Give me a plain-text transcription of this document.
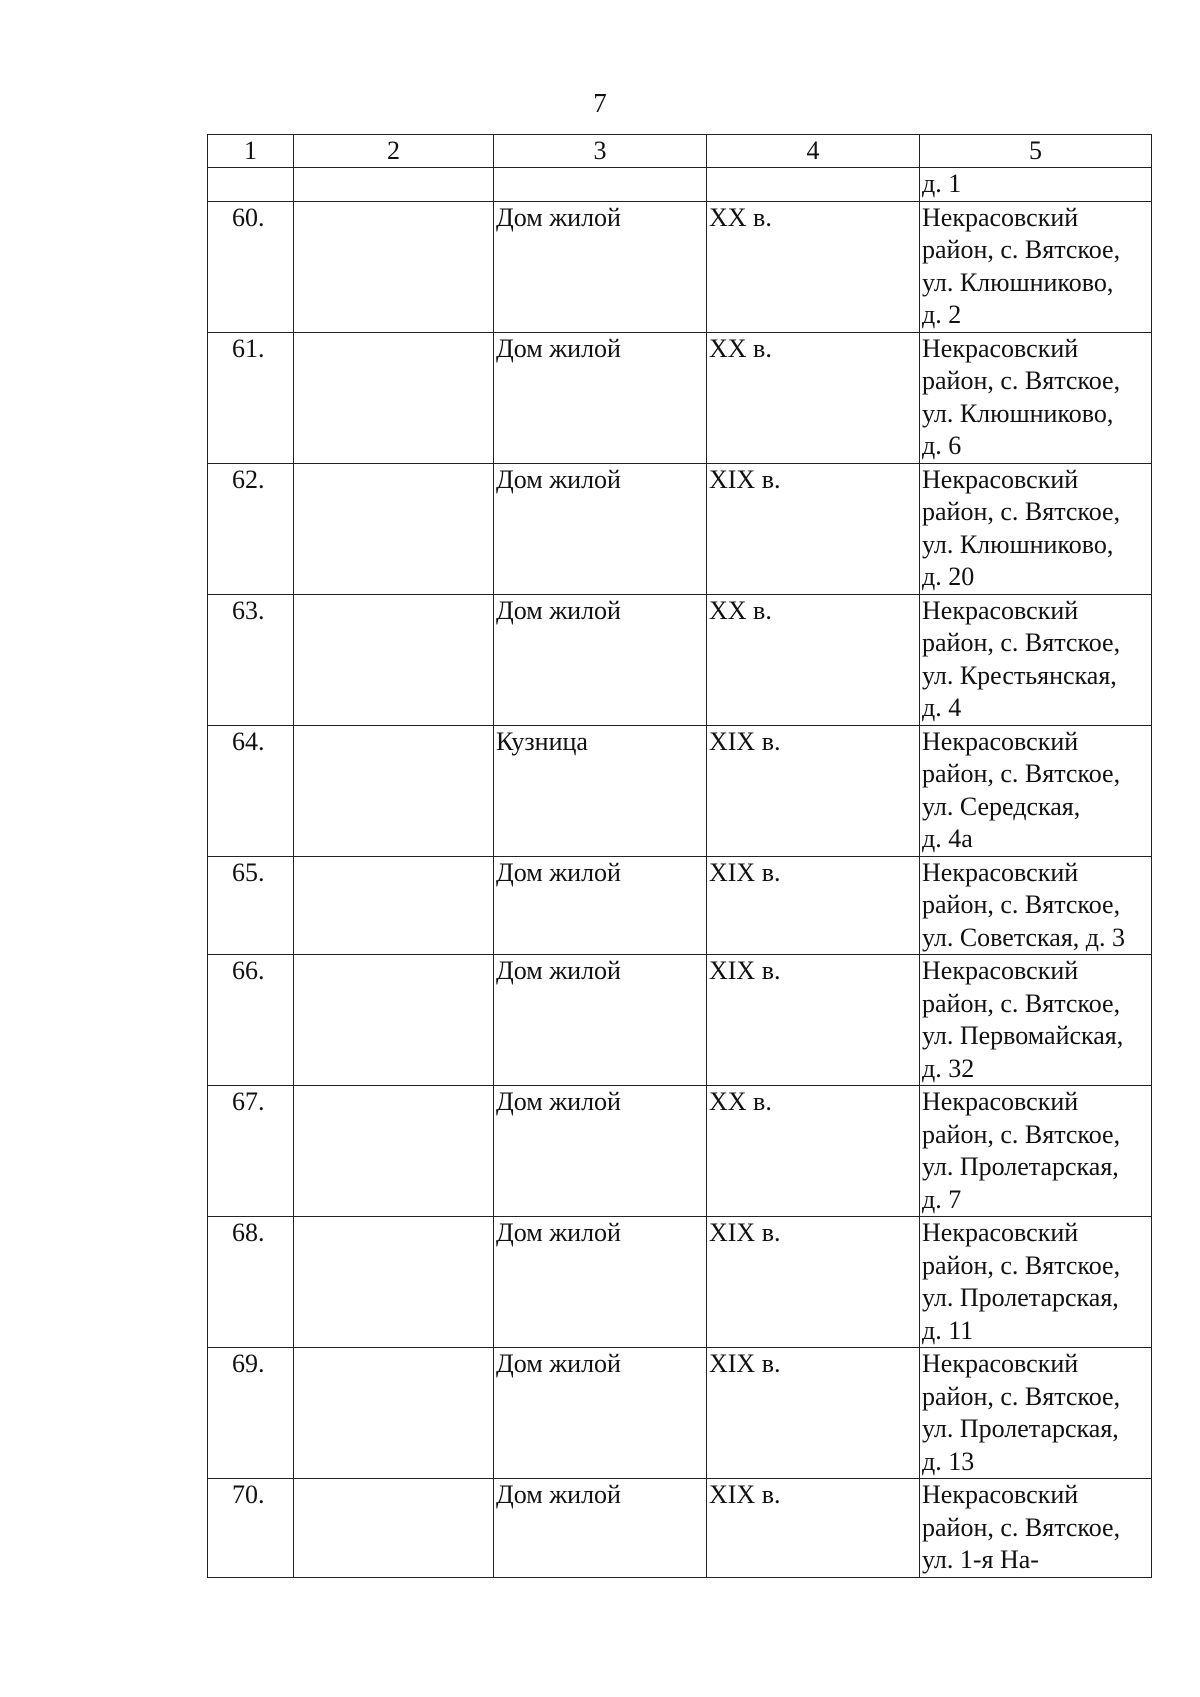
7
1	2	3	4	5

				д. 1

60.		Дом жилой	XX в.	Некрасовский
район, с. Вятское,
ул. Клюшниково,
д. 2

61.		Дом жилой	XX в.	Некрасовский
район, с. Вятское,
ул. Клюшниково,
д. 6

62.		Дом жилой	XIX в.	Некрасовский
район, с. Вятское,
ул. Клюшниково,
д. 20

63.		Дом жилой	XX в.	Некрасовский
район, с. Вятское,
ул. Крестьянская,
д. 4

64.		Кузница	XIX в.	Некрасовский
район, с. Вятское,
ул. Середская,
д. 4а

65.		Дом жилой	XIX в.	Некрасовский
район, с. Вятское,
ул. Советская, д. 3

66.		Дом жилой	XIX в.	Некрасовский
район, с. Вятское,
ул. Первомайская,
д. 32

67.		Дом жилой	XX в.	Некрасовский
район, с. Вятское,
ул. Пролетарская,
д. 7

68.		Дом жилой	XIX в.	Некрасовский
район, с. Вятское,
ул. Пролетарская,
д. 11

69.		Дом жилой	XIX в.	Некрасовский
район, с. Вятское,
ул. Пролетарская,
д. 13

70.		Дом жилой	XIX в.	Некрасовский
район, с. Вятское,
ул. 1-я На-
